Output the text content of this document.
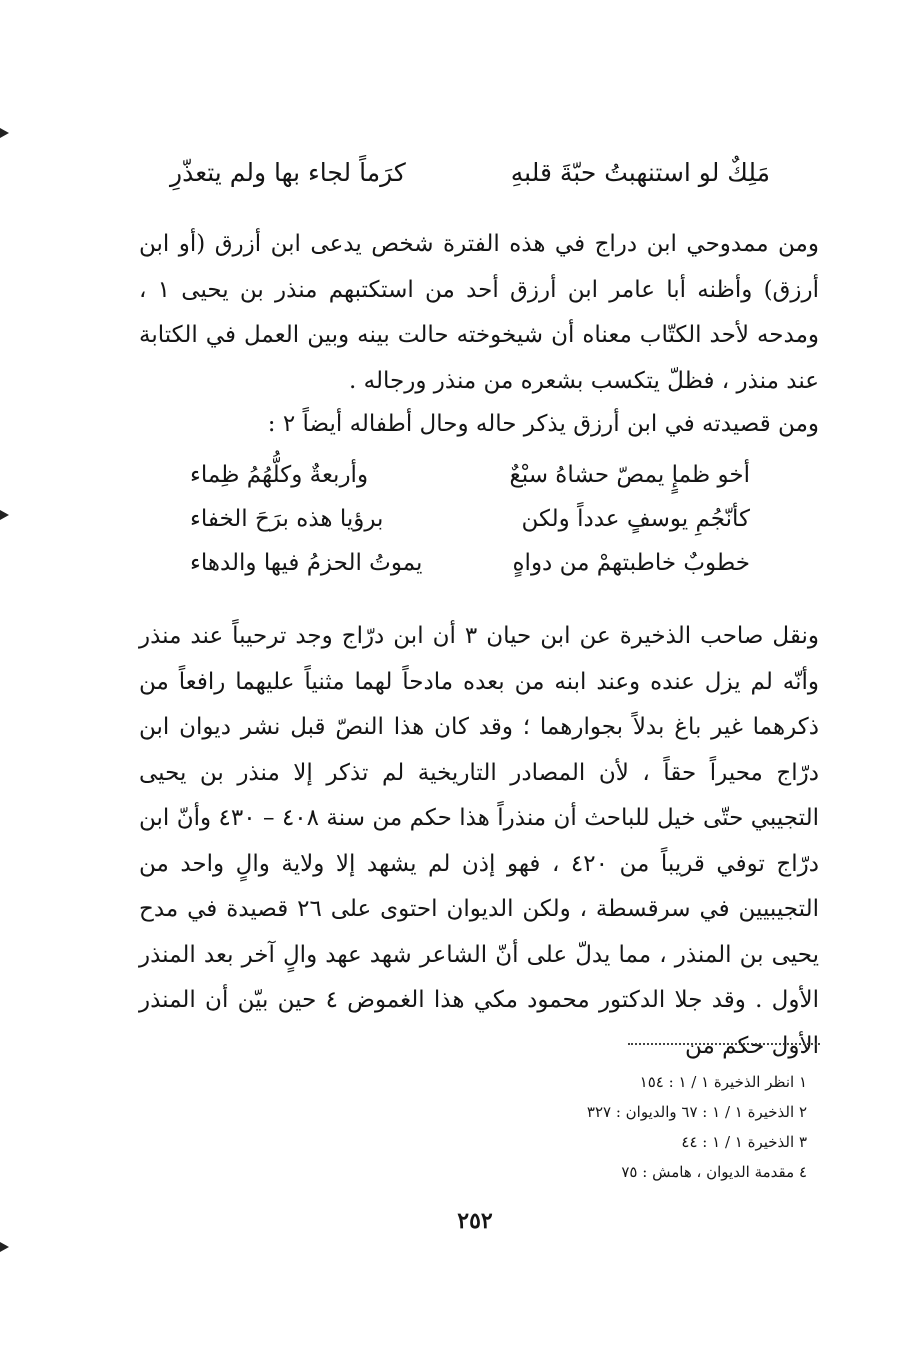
مَلِكٌ لو استنهبتُ حبّةَ قلبهِ
كرَماً لجاء بها ولم يتعذّرِ
ومن ممدوحي ابن دراج في هذه الفترة شخص يدعى ابن أزرق (أو ابن أرزق) وأظنه أبا عامر ابن أرزق أحد من استكتبهم منذر بن يحيى ١ ، ومدحه لأحد الكتّاب معناه أن شيخوخته حالت بينه وبين العمل في الكتابة عند منذر ، فظلّ يتكسب بشعره من منذر ورجاله .
ومن قصيدته في ابن أرزق يذكر حاله وحال أطفاله أيضاً ٢ :
أخو ظمإٍ يمصّ حشاهُ سبْعٌ
وأربعةٌ وكلُّهُمُ ظِماء
كأنّجُمِ يوسفٍ عدداً ولكن
برؤيا هذه برَحَ الخفاء
خطوبٌ خاطبتهمْ من دواهٍ
يموتُ الحزمُ فيها والدهاء
ونقل صاحب الذخيرة عن ابن حيان ٣ أن ابن درّاج وجد ترحيباً عند منذر وأنّه لم يزل عنده وعند ابنه من بعده مادحاً لهما مثنياً عليهما رافعاً من ذكرهما غير باغ بدلاً بجوارهما ؛ وقد كان هذا النصّ قبل نشر ديوان ابن درّاج محيراً حقاً ، لأن المصادر التاريخية لم تذكر إلا منذر بن يحيى التجيبي حتّى خيل للباحث أن منذراً هذا حكم من سنة ٤٠٨ – ٤٣٠ وأنّ ابن درّاج توفي قريباً من ٤٢٠ ، فهو إذن لم يشهد إلا ولاية والٍ واحد من التجيبيين في سرقسطة ، ولكن الديوان احتوى على ٢٦ قصيدة في مدح يحيى بن المنذر ، مما يدلّ على أنّ الشاعر شهد عهد والٍ آخر بعد المنذر الأول . وقد جلا الدكتور محمود مكي هذا الغموض ٤ حين بيّن أن المنذر الأول حكم من
١ انظر الذخيرة ١ / ١ : ١٥٤
٢ الذخيرة ١ / ١ : ٦٧ والديوان : ٣٢٧
٣ الذخيرة ١ / ١ : ٤٤
٤ مقدمة الديوان ، هامش : ٧٥
٢٥٢
